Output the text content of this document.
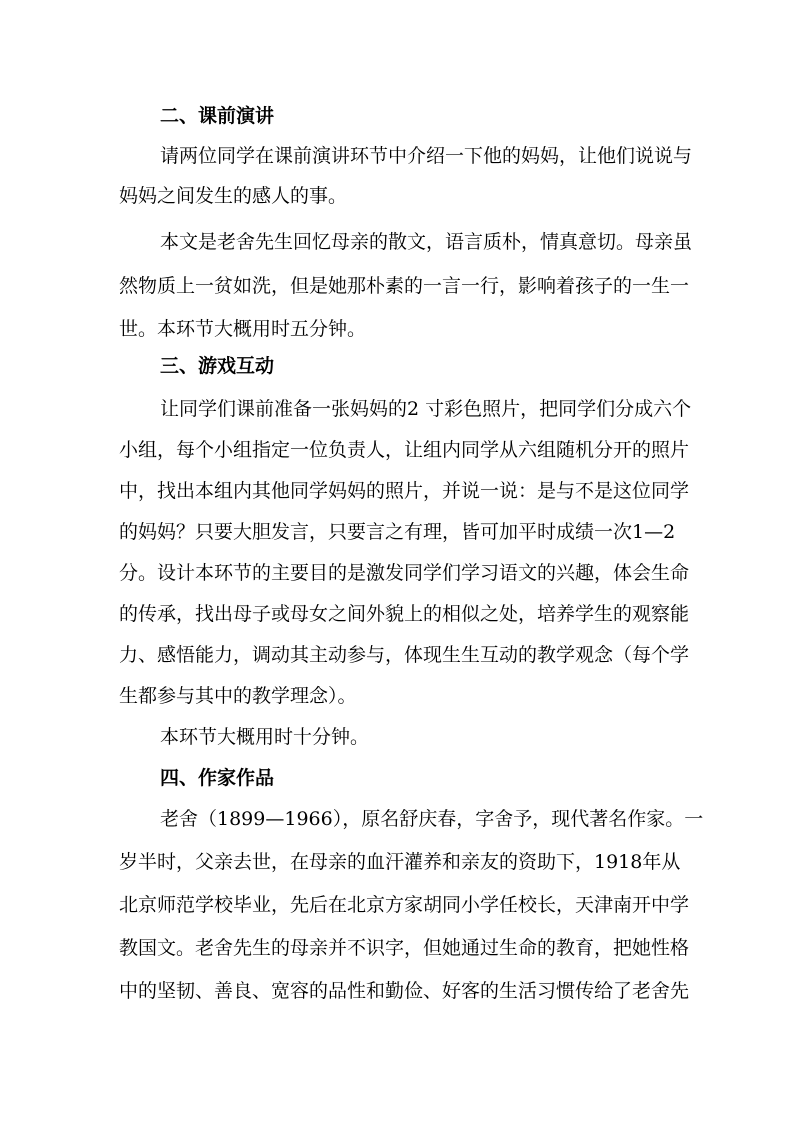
二、课前演讲
请两位同学在课前演讲环节中介绍一下他的妈妈，让他们说说与
妈妈之间发生的感人的事。
本文是老舍先生回忆母亲的散文，语言质朴，情真意切。母亲虽
然物质上一贫如洗，但是她那朴素的一言一行，影响着孩子的一生一
世。本环节大概用时五分钟。
三、游戏互动
让同学们课前准备一张妈妈的2 寸彩色照片，把同学们分成六个
小组，每个小组指定一位负责人，让组内同学从六组随机分开的照片
中，找出本组内其他同学妈妈的照片，并说一说：是与不是这位同学
的妈妈？只要大胆发言，只要言之有理，皆可加平时成绩一次1—2
分。设计本环节的主要目的是激发同学们学习语文的兴趣，体会生命
的传承，找出母子或母女之间外貌上的相似之处，培养学生的观察能
力、感悟能力，调动其主动参与，体现生生互动的教学观念（每个学
生都参与其中的教学理念）。
本环节大概用时十分钟。
四、作家作品
老舍（1899—1966），原名舒庆春，字舍予，现代著名作家。一
岁半时，父亲去世，在母亲的血汗灌养和亲友的资助下，1918年从
北京师范学校毕业，先后在北京方家胡同小学任校长，天津南开中学
教国文。老舍先生的母亲并不识字，但她通过生命的教育，把她性格
中的坚韧、善良、宽容的品性和勤俭、好客的生活习惯传给了老舍先
